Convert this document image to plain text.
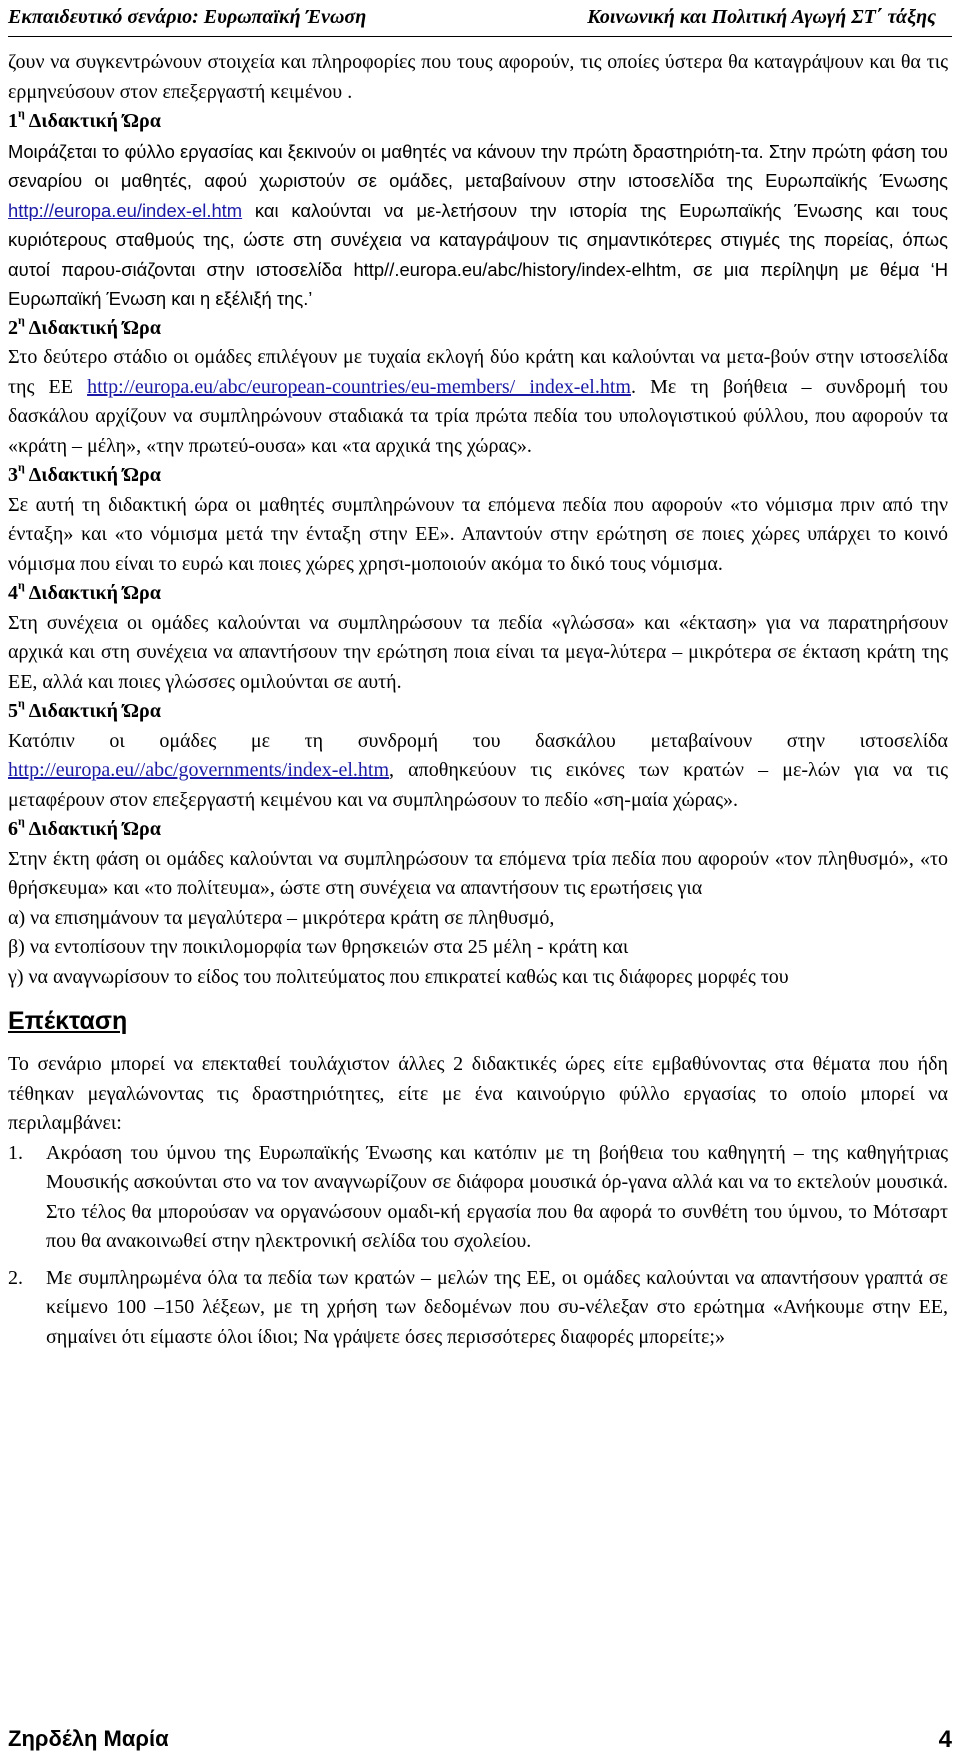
Εκπαιδευτικό σενάριο: Ευρωπαϊκή Ένωση	Κοινωνική και Πολιτική Αγωγή ΣΤ΄ τάξης

ζουν να συγκεντρώνουν στοιχεία και πληροφορίες που τους αφορούν, τις οποίες ύστερα θα καταγράψουν και θα τις ερμηνεύσουν στον επεξεργαστή κειμένου .

$1^\eta$ Διδακτική Ώρα

Μοιράζεται το φύλλο εργασίας και ξεκινούν οι μαθητές να κάνουν την πρώτη δραστηριότη-τα. Στην πρώτη φάση του σεναρίου οι μαθητές, αφού χωριστούν σε ομάδες, μεταβαίνουν στην ιστοσελίδα της Ευρωπαϊκής Ένωσης http://europa.eu/index-el.htm και καλούνται να με-λετήσουν την ιστορία της Ευρωπαϊκής Ένωσης και τους κυριότερους σταθμούς της, ώστε στη συνέχεια να καταγράψουν τις σημαντικότερες στιγμές της πορείας, όπως αυτοί παρου-σιάζονται στην ιστοσελίδα http//.europa.eu/abc/history/index-elhtm, σε μια περίληψη με θέμα ‘Η Ευρωπαϊκή Ένωση και η εξέλιξή της.’

$2^\eta$ Διδακτική Ώρα

Στο δεύτερο στάδιο οι ομάδες επιλέγουν με τυχαία εκλογή δύο κράτη και καλούνται να μετα-βούν στην ιστοσελίδα της ΕΕ http://europa.eu/abc/european-countries/eu-members/ index-el.htm. Με τη βοήθεια – συνδρομή του δασκάλου αρχίζουν να συμπληρώνουν σταδιακά τα τρία πρώτα πεδία του υπολογιστικού φύλλου, που αφορούν τα «κράτη – μέλη», «την πρωτεύ-ουσα» και «τα αρχικά της χώρας».

$3^\eta$ Διδακτική Ώρα

Σε αυτή τη διδακτική ώρα οι μαθητές συμπληρώνουν τα επόμενα πεδία που αφορούν «το νόμισμα πριν από την ένταξη» και «το νόμισμα μετά την ένταξη στην ΕΕ». Απαντούν στην ερώτηση σε ποιες χώρες υπάρχει το κοινό νόμισμα που είναι το ευρώ και ποιες χώρες χρησι-μοποιούν ακόμα το δικό τους νόμισμα.

$4^\eta$ Διδακτική Ώρα

Στη συνέχεια οι ομάδες καλούνται να συμπληρώσουν τα πεδία «γλώσσα» και «έκταση» για να παρατηρήσουν αρχικά και στη συνέχεια να απαντήσουν την ερώτηση ποια είναι τα μεγα-λύτερα – μικρότερα σε έκταση κράτη της ΕΕ, αλλά και ποιες γλώσσες ομιλούνται σε αυτή.

$5^\eta$ Διδακτική Ώρα

Κατόπιν οι ομάδες με τη συνδρομή του δασκάλου μεταβαίνουν στην ιστοσελίδα http://europa.eu//abc/governments/index-el.htm, αποθηκεύουν τις εικόνες των κρατών – με-λών για να τις μεταφέρουν στον επεξεργαστή κειμένου και να συμπληρώσουν το πεδίο «ση-μαία χώρας».

$6^\eta$ Διδακτική Ώρα

Στην έκτη φάση οι ομάδες καλούνται να συμπληρώσουν τα επόμενα τρία πεδία που αφορούν «τον πληθυσμό», «το θρήσκευμα» και «το πολίτευμα», ώστε στη συνέχεια να απαντήσουν τις ερωτήσεις για

α) να επισημάνουν τα μεγαλύτερα – μικρότερα κράτη σε πληθυσμό,

β) να εντοπίσουν την ποικιλομορφία των θρησκειών στα 25 μέλη - κράτη και

γ) να αναγνωρίσουν το είδος του πολιτεύματος που επικρατεί καθώς και τις διάφορες μορφές του

Επέκταση

Το σενάριο μπορεί να επεκταθεί τουλάχιστον άλλες 2 διδακτικές ώρες είτε εμβαθύνοντας στα θέματα που ήδη τέθηκαν μεγαλώνοντας τις δραστηριότητες, είτε με ένα καινούργιο φύλλο εργασίας το οποίο μπορεί να περιλαμβάνει:

1. Ακρόαση του ύμνου της Ευρωπαϊκής Ένωσης και κατόπιν με τη βοήθεια του καθηγητή – της καθηγήτριας Μουσικής ασκούνται στο να τον αναγνωρίζουν σε διάφορα μουσικά όρ-γανα αλλά και να το εκτελούν μουσικά. Στο τέλος θα μπορούσαν να οργανώσουν ομαδι-κή εργασία που θα αφορά το συνθέτη του ύμνου, το Μότσαρτ που θα ανακοινωθεί στην ηλεκτρονική σελίδα του σχολείου.
2. Με συμπληρωμένα όλα τα πεδία των κρατών – μελών της ΕΕ, οι ομάδες καλούνται να απαντήσουν γραπτά σε κείμενο 100 –150 λέξεων, με τη χρήση των δεδομένων που συ-νέλεξαν στο ερώτημα «Ανήκουμε στην ΕΕ, σημαίνει ότι είμαστε όλοι ίδιοι; Να γράψετε όσες περισσότερες διαφορές μπορείτε;»
Ζηρδέλη Μαρία	4
